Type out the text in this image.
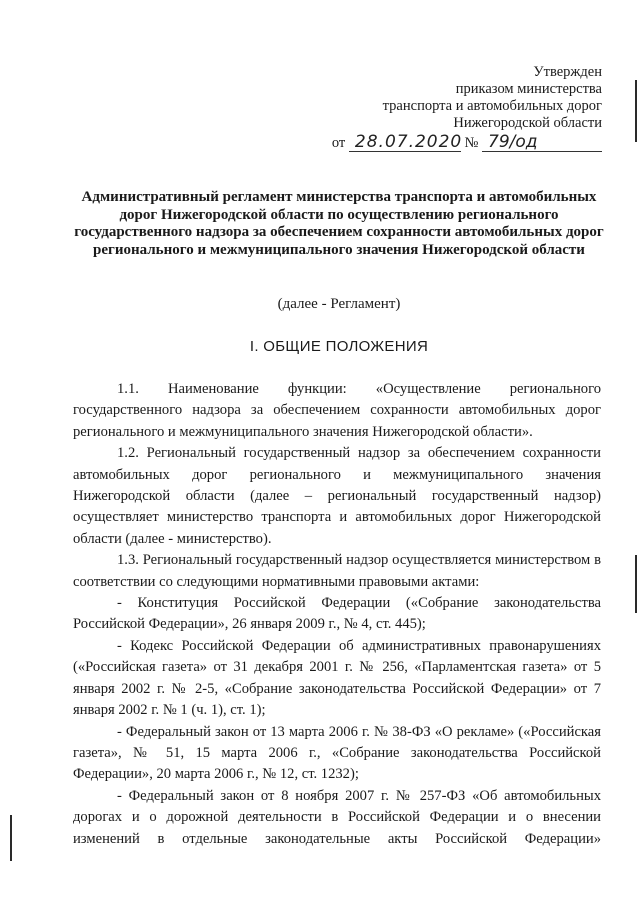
Утвержден
приказом министерства
транспорта и автомобильных дорог
Нижегородской области
от 28.07.2020 № 79/од
Административный регламент министерства транспорта и автомобильных дорог Нижегородской области по осуществлению регионального государственного надзора за обеспечением сохранности автомобильных дорог регионального и межмуниципального значения Нижегородской области
(далее - Регламент)
I. ОБЩИЕ ПОЛОЖЕНИЯ

1.1. Наименование функции: «Осуществление регионального государственного надзора за обеспечением сохранности автомобильных дорог регионального и межмуниципального значения Нижегородской области».

1.2. Региональный государственный надзор за обеспечением сохранности автомобильных дорог регионального и межмуниципального значения Нижегородской области (далее – региональный государственный надзор) осуществляет министерство транспорта и автомобильных дорог Нижегородской области (далее - министерство).

1.3. Региональный государственный надзор осуществляется министерством в соответствии со следующими нормативными правовыми актами:

- Конституция Российской Федерации («Собрание законодательства Российской Федерации», 26 января 2009 г., № 4, ст. 445);

- Кодекс Российской Федерации об административных правонарушениях («Российская газета» от 31 декабря 2001 г. № 256, «Парламентская газета» от 5 января 2002 г. № 2-5, «Собрание законодательства Российской Федерации» от 7 января 2002 г. № 1 (ч. 1), ст. 1);

- Федеральный закон от 13 марта 2006 г. № 38-ФЗ «О рекламе» («Российская газета», № 51, 15 марта 2006 г., «Собрание законодательства Российской Федерации», 20 марта 2006 г., № 12, ст. 1232);

- Федеральный закон от 8 ноября 2007 г. № 257-ФЗ «Об автомобильных дорогах и о дорожной деятельности в Российской Федерации и о внесении изменений в отдельные законодательные акты Российской Федерации»
